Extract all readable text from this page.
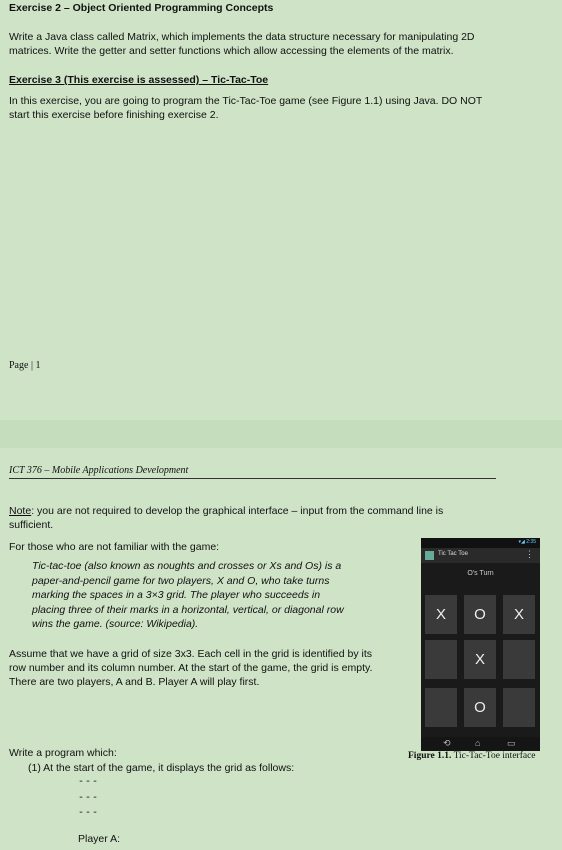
Exercise 2 – Object Oriented Programming Concepts
Write a Java class called Matrix, which implements the data structure necessary for manipulating 2D
matrices. Write the getter and setter functions which allow accessing the elements of the matrix.
Exercise 3 (This exercise is assessed) – Tic-Tac-Toe
In this exercise, you are going to program the Tic-Tac-Toe game (see Figure 1.1) using Java. DO NOT
start this exercise before finishing exercise 2.
Page | 1
ICT 376 – Mobile Applications Development
Note: you are not required to develop the graphical interface – input from the command line is
sufficient.
For those who are not familiar with the game:
Tic-tac-toe (also known as noughts and crosses or Xs and Os) is a
paper-and-pencil game for two players, X and O, who take turns
marking the spaces in a 3×3 grid. The player who succeeds in
placing three of their marks in a horizontal, vertical, or diagonal row
wins the game. (source: Wikipedia).
Assume that we have a grid of size 3x3. Each cell in the grid is identified by its
row number and its column number. At the start of the game, the grid is empty.
There are two players, A and B. Player A will play first.
Write a program which:
(1) At the start of the game, it displays the grid as follows:
---
---
---
Player A:
▾◢ 2:35
Tic Tac Toe	⋮
O's Turn
X	O	X
X
O
⟲	⌂	▭
Figure 1.1. Tic-Tac-Toe interface
